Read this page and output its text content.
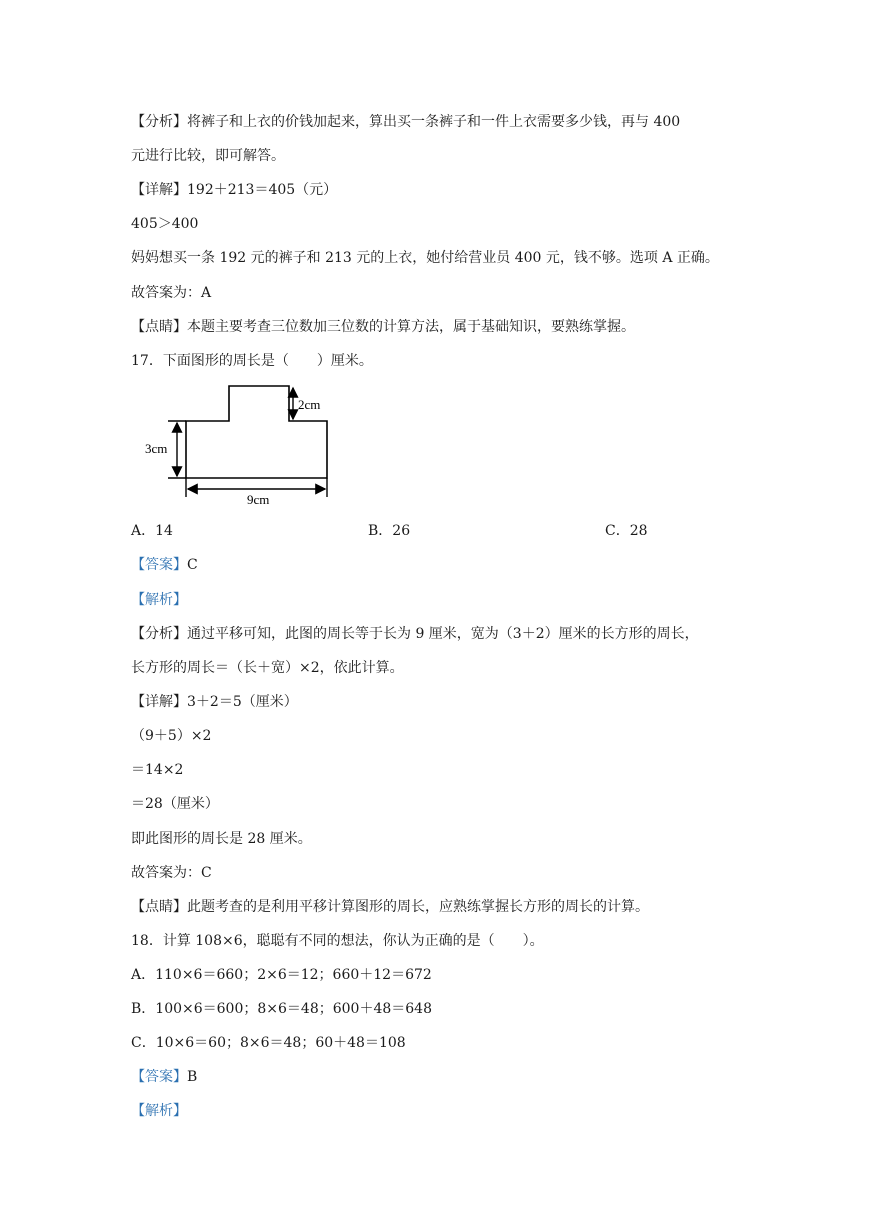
【分析】将裤子和上衣的价钱加起来，算出买一条裤子和一件上衣需要多少钱，再与 400
元进行比较，即可解答。
【详解】192＋213＝405（元）
405＞400
妈妈想买一条 192 元的裤子和 213 元的上衣，她付给营业员 400 元，钱不够。选项 A 正确。
故答案为：A
【点睛】本题主要考查三位数加三位数的计算方法，属于基础知识，要熟练掌握。
17．下面图形的周长是（　　）厘米。
3cm
2cm
9cm
A．14	B．26	C．28
【答案】C
【解析】
【分析】通过平移可知，此图的周长等于长为 9 厘米，宽为（3＋2）厘米的长方形的周长，
长方形的周长＝（长＋宽）×2，依此计算。
【详解】3＋2＝5（厘米）
（9＋5）×2
＝14×2
＝28（厘米）
即此图形的周长是 28 厘米。
故答案为：C
【点睛】此题考查的是利用平移计算图形的周长，应熟练掌握长方形的周长的计算。
18．计算 108×6，聪聪有不同的想法，你认为正确的是（　　）。
A．110×6＝660；2×6＝12；660＋12＝672
B．100×6＝600；8×6＝48；600＋48＝648
C．10×6＝60；8×6＝48；60＋48＝108
【答案】B
【解析】
